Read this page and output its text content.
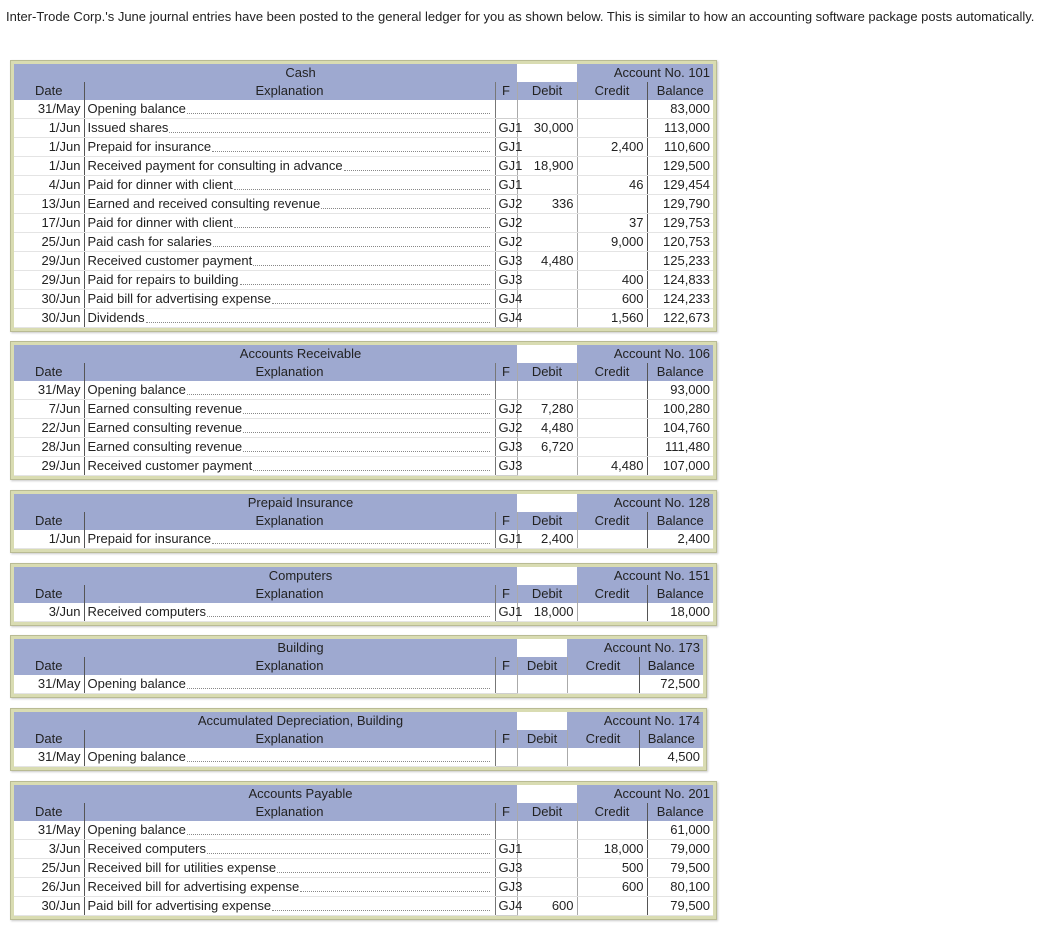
Inter-Trode Corp.'s June journal entries have been posted to the general ledger for you as shown below. This is similar to how an accounting software package posts automatically.

	Cash			Account No. 101	
Date	Explanation	F	Debit	Credit	Balance
31/May	Opening balance				83,000
1/Jun	Issued shares	GJ1	30,000		113,000
1/Jun	Prepaid for insurance	GJ1		2,400	110,600
1/Jun	Received payment for consulting in advance	GJ1	18,900		129,500
4/Jun	Paid for dinner with client	GJ1		46	129,454
13/Jun	Earned and received consulting revenue	GJ2	336		129,790
17/Jun	Paid for dinner with client	GJ2		37	129,753
25/Jun	Paid cash for salaries	GJ2		9,000	120,753
29/Jun	Received customer payment	GJ3	4,480		125,233
29/Jun	Paid for repairs to building	GJ3		400	124,833
30/Jun	Paid bill for advertising expense	GJ4		600	124,233
30/Jun	Dividends	GJ4		1,560	122,673
	Accounts Receivable			Account No. 106	
Date	Explanation	F	Debit	Credit	Balance
31/May	Opening balance				93,000
7/Jun	Earned consulting revenue	GJ2	7,280		100,280
22/Jun	Earned consulting revenue	GJ2	4,480		104,760
28/Jun	Earned consulting revenue	GJ3	6,720		111,480
29/Jun	Received customer payment	GJ3		4,480	107,000
	Prepaid Insurance			Account No. 128	
Date	Explanation	F	Debit	Credit	Balance
1/Jun	Prepaid for insurance	GJ1	2,400		2,400
	Computers			Account No. 151	
Date	Explanation	F	Debit	Credit	Balance
3/Jun	Received computers	GJ1	18,000		18,000
	Building			Account No. 173	
Date	Explanation	F	Debit	Credit	Balance
31/May	Opening balance				72,500
	Accumulated Depreciation, Building			Account No. 174	
Date	Explanation	F	Debit	Credit	Balance
31/May	Opening balance				4,500
	Accounts Payable			Account No. 201	
Date	Explanation	F	Debit	Credit	Balance
31/May	Opening balance				61,000
3/Jun	Received computers	GJ1		18,000	79,000
25/Jun	Received bill for utilities expense	GJ3		500	79,500
26/Jun	Received bill for advertising expense	GJ3		600	80,100
30/Jun	Paid bill for advertising expense	GJ4	600		79,500
